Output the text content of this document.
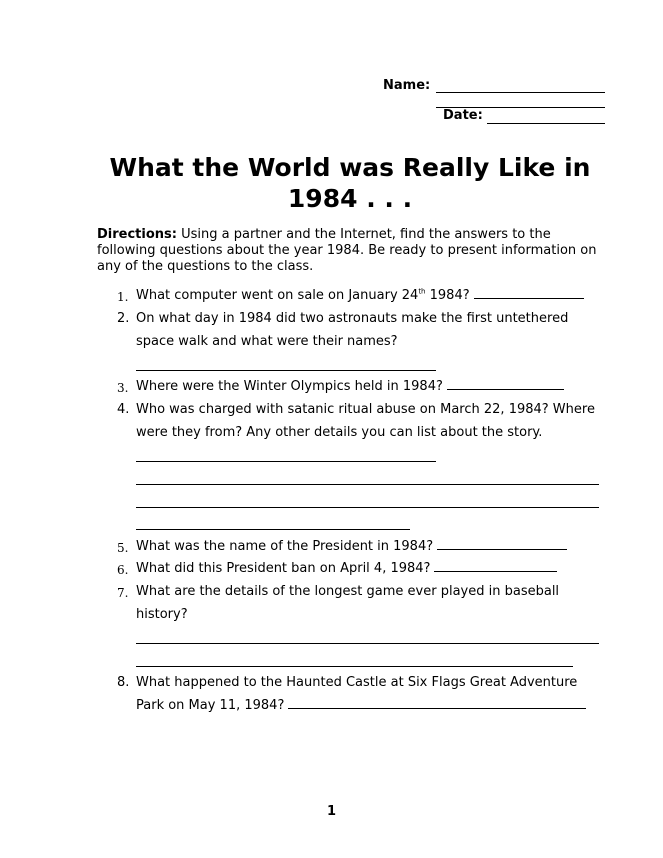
Name:
Date:
What the World was Really Like in 1984 . . .
Directions: Using a partner and the Internet, find the answers to the following questions about the year 1984. Be ready to present information on any of the questions to the class.
1. What computer went on sale on January 24th 1984?
2. On what day in 1984 did two astronauts make the first untethered
space walk and what were their names?
3. Where were the Winter Olympics held in 1984?
4. Who was charged with satanic ritual abuse on March 22, 1984? Where
were they from? Any other details you can list about the story.
5. What was the name of the President in 1984?
6. What did this President ban on April 4, 1984?
7. What are the details of the longest game ever played in baseball
history?
8. What happened to the Haunted Castle at Six Flags Great Adventure
Park on May 11, 1984?
1
